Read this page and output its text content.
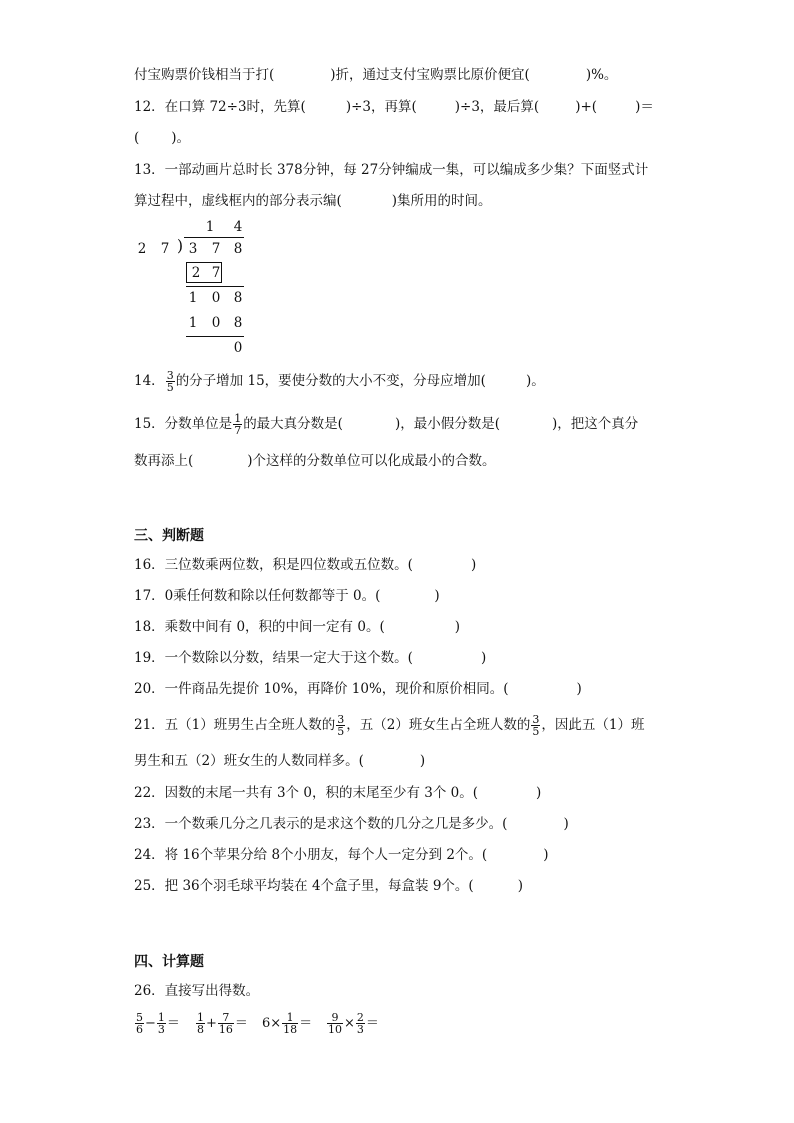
付宝购票价钱相当于打(	)折，通过支付宝购票比原价便宜(	)%。
12．在口算 72÷3时，先算(	)÷3，再算(	)÷3，最后算(	)+(	)＝
( )。
13．一部动画片总时长 378分钟，每 27分钟编成一集，可以编成多少集？下面竖式计
算过程中，虚线框内的部分表示编(	)集所用的时间。
1 4
)
2 7 3 7 8
2 7
1 0 8
1 0 8
0
14． $\frac{3}{5}$ 的分子增加 15，要使分数的大小不变，分母应增加(	)。
15．分数单位是 $\frac{1}{7}$ 的最大真分数是(	)，最小假分数是(	)，把这个真分
数再添上(	)个这样的分数单位可以化成最小的合数。
三、判断题
16．三位数乘两位数，积是四位数或五位数。(	)
17．0乘任何数和除以任何数都等于 0。(	)
18．乘数中间有 0，积的中间一定有 0。(	)
19．一个数除以分数，结果一定大于这个数。(	)
20．一件商品先提价 10%，再降价 10%，现价和原价相同。(	)
21．五（1）班男生占全班人数的 $\frac{3}{5}$ ，五（2）班女生占全班人数的 $\frac{3}{5}$ ，因此五（1）班
男生和五（2）班女生的人数同样多。(	)
22．因数的末尾一共有 3个 0，积的末尾至少有 3个 0。(	)
23．一个数乘几分之几表示的是求这个数的几分之几是多少。(	)
24．将 16个苹果分给 8个小朋友，每个人一定分到 2个。(	)
25．把 36个羽毛球平均装在 4个盒子里，每盒装 9个。(	)
四、计算题
26．直接写出得数。
$\frac{5}{6} - \frac{1}{3} = \frac{1}{8} + \frac{7}{16} = 6\times \frac{1}{18} = \frac{9}{10} \times \frac{2}{3}$ ＝
